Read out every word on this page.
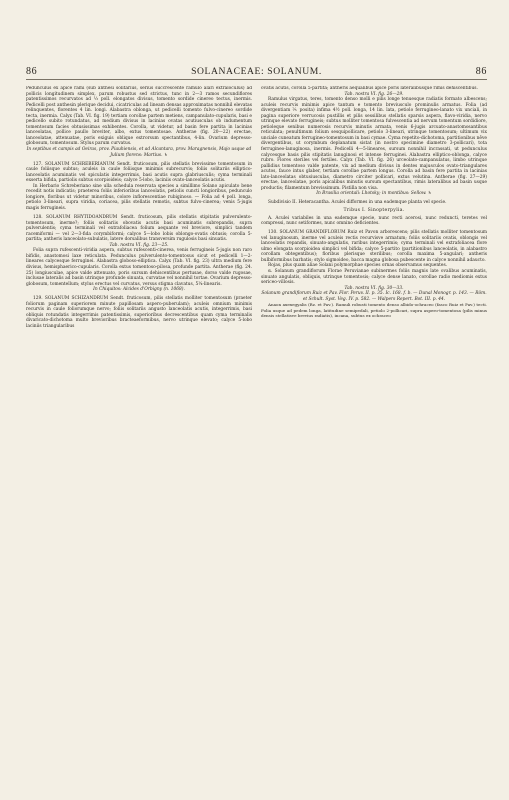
86	SOLANACEAE: SOLANUM.	86

Pedunculus ex apice rami (sub anthesi solitarius, serius succrescente ramulo alari extraloculus) ad pollicis longitudinem simplex, parum robustus sed strictus, tunc in 2—3 ramos secundiflores patentissimos recurvatos ad ⅓ poll. elongatos divisus, tomento sordide cinereo tectus, inermis. Pedicelli post anthesin plerique decidui, cicatriculas ad lineam densas approximatas nonnihil elevatas relinquentes, florentes 4 lin. longi. Alabastra oblonga, ut pedicelli tomento fulvo-cinereo sordide tecta, inermia. Calyx (Tab. VI. fig. 19) tertiam corollae partem metiens, campanulato-cupularis, basi e pedicello subito rotundatus, ad medium divisus in lacinias ovatas acutiusculas ob indumentum tomentosum facies obtusissimas exhibentes. Corolla, ut videtur, ad basin fere partita in lacinias lanceolatas, pollice paullo breviter, albo, extus tomentosae. Antherae (fig. 20—22) erectae, lanceolatae, attenuatae, poris exiguis oblique extrorsum spectantibus, 4-lin. Ovarium depresso-globosum, tomentosum. Stylus parum curvatus.

In septibus et campis ad Oeiras, prov. Piauhiensis, et ad Alcantara, prov. Maragnensis, Majo usque ad Julium florens: Martius. ♄

127. SOLANUM SCHREBERIANUM Sendt. fruticosum, pilis stellatis brevissime tomentosum in caule foliisque subtus; aculeis in caule foliisque minimis subrecurvis; foliis solitariis elliptico-lanceolatis acuminatis vel spiculatis integerrimis, basi acutis supra glabriusculis; cyma terminali exserta bifida, partiolis subtus scorpioideis; calyce 5-lobo, laciniis ovato-lanceolatis acutis.

In Herbario Schreberiano sine ulla schedula reservata species a simillimo Solano apiculato bene recedit notis indicatis; praeterea foliis inferioribus lanceolatis, petiolis cuncti longioribus, pedunculo longiore, floribus ut videtur minoribus, colore inflorescentiae rubiginoso. — Folia ad 4 poll. longa, petiolo 3-lineari, supra viridia, coriacea, pilis stellatis remotis, subtus fulvo-cinerea; venis 5-jugis magis ferrugineis.

128. SOLANUM RHYTIDOANDRUM Sendt. fruticosum, pilis stellatis stipitatis pulverulento-tomentosum, inerme?; foliis solitariis obovatis acutis basi acuminatis subrepandis, supra pulverulentis; cyma terminali vel extrafoliacea folium aequante vel breviore, simplici tandem racemiformi — vel 2—3-fida corymbiformi; calyce 5—lobo lobis oblongo-ovatis obtusis; corolla 5-partita; antheris lanceolato-subulatis, latere dorsalibus transversim rugulosis basi sinuatis.

Tab. nostra VI. fig. 23—25.

Folia supra rufescenti-viridia aspera, subtus rufescenti-cinerea, venis ferrugineis 5-jugis non raro bifidis, anastomosi laxe reticulata. Pedunculus pulverulento-tomentosus sicut et pedicelli 1—2-lineares calycesque ferruginei. Alabastra globoso-elliptica. Calyx (Tab. VI. fig. 23) ultra medium fere divisus, hemisphaerico-cupularis. Corolla extus tomentoso-pilosa, profunde partita. Antherae (fig. 24. 25) longiusculae, apice valde attenuato, poris sursum dehiscentibus pertusae, dorso valde rugosae, inclusae lateralis ad basin utrinque profunde sinuata, curvatae vel nonnihil tortae. Ovarium depresso-globosum, tomentellum; stylus erectus vel curvatus, versus stigma clavatus, 5¼-linearis.

In Chiquitos: Alcides d'Orbigny (n. 1068).

129. SOLANUM SCHIZANDRUM Sendt. fruticosum, pilis stellatis molliter tomentosum (praeter foliorum paginam superiorem minute papillosam aspero-puberulam); aculeis omnium minimis recurvis in caule foliorumque nervo; foliis solitariis angusto lanceolatis acutis, integerrimis, basi obliquis rotundatis integerrimis patentissimis, superioribus decrescentibus quam cyma terminalis divaricato-dichotoma multo brevioribus bracteaeformibus, nervo utrinque elevato; calyce 5-lobo laciniis triangularibus

ovatis acutis, corolla 5-partita; antheris aequalibus apice poris lateralibusque rimis dehiscentibus.

Tab. nostra VI. fig. 26—29.

Ramulus virgatus, teres, tomento denso molli e pilis longe tenuesque radiatis formato albescens; aculeis recurvis minimis apice tantum e tomento breviusculo prominulis armatus. Folia (ad divergentiam ⅖ posita) infima 4½ poll. longa, 14 lin. lata, petiolo ferrugineo-lanato vix unciali, in pagina superiore verrucosis pustillis et pilis sessilibus stellatis sparsis aspera, flavo-viridia, nervo utrinque elevato ferrugineis; subtus molliter tomentosa fulvescentia ad nervum tomentum sordidiore, petioleque senibus numerosis recurvis minutis armata, venis 6-jugis arcuato-anastomosantibus reticulata; penultimum folium sesquipollicare, petiolo 3-lineari, utrinque tomentosum; ultimum vix unciale cuneatum ferrugineo-tomentosum in basi cymae. Cyma repetito-dichotoma, partitionibus nēve divergentibus, ut corymbum deplanatum sistat (in nostro specimine diametro 3-pollicari), tota ferrugineo-lanuginosa, inermis. Pedicelli 4—5-lineares, sursum nonnihil incrassati, ut pedunculus calycesque basis pilis stipitatis lanuginosi et intense ferruginei. Alabastra elliptico-oblonga, calyce rubro. Flores steriles vel fertiles. Calyx (Tab. VI. fig. 26) urceolato-campanulatus, limbo utrinque pallidius tomentoso valde patente, vix ad medium divisus in dentes majusculos ovato-triangulares acutos, fauce intus glaber, tertiam corollae partem longus. Corolla ad basin fere partita in lacinias lato-lanceolatas obtusiusculas, diametro circiter pollicari, extus velutina. Antherae (fig. 27—29) erectae, lanceolatae, poris apicalibus minutis sursum spectantibus, rimis lateralibus ad basin usque productis; filamentum brevissimum. Pistilla non visa.

In Brasilia orientali: Lhotsky; in montibus: Sellow. ♄

Subdivisio II. Heteracantha. Aculei difformes in una eademque planta vel specie.

Tribus I. Sinopterpylia.

A. Aculei variabiles in una eademque specie, nunc recti acerosi, nunc reduncti, teretes vel compressi, nunc setiformes, nunc omnino deficientes.

130. SOLANUM GRANDIFLORUM Ruiz et Pavon arborescens; pilis stellatis molliter tomentosum vel lanuginosum, inerme vel aculeis rectis recurvisve armatum; foliis solitariis ovatis, oblongis vel lanceolatis repandis, sinuato-angulatis, raribus integerrimis; cyma terminali vel extrafoliacea flore ulmo elongata scorpioidea simplici vel bifida; calyce 5-partito (partitionibus lanceolatis, in alabastro corollam obtegentibus); floribus plerisque sterilibus; corolla maxima 5-angulari; antheris bulbiformibus barbatis; stylo sigmoideo, bacca magna globosa pubescente in calyce nonnihil adaucto.

Rojas, plus quam aliae Solani polymorphae species ornas observamus sequentes.

α. Solanum grandiflorum Florae Peruvianae subinermes foliis magnis late ovalibus acuminatis, sinuato angulatis, obliquis, utrinque tomentosis; calyce dense lanato, corollae radio mediomis extus sericeo-villosis.

Tab. nostra VI. fig. 30—33.

Solanum grandiflorum Ruiz et Pav. Flor. Peruv. II. p. 35. Ic. 168. f. b. — Dunal Monogr. p. 143. — Röm. et Schult. Syst. Veg. IV. p. 582. — Walpers Repert. Bot. III. p. 44.

Anaon axexegyalis (Rz. et Pav.). Ramuli robusti tomento denso albido-ochraceo (fasco Ruiz et Pav.) tecti. Folia usque ad pedem longa, latitudine semipedali, petiolo 2-pollicari, supra aspero-tomentosa (pilis minus densis stellatisve brevius radiatis), incana, subtus ex ochraceo
